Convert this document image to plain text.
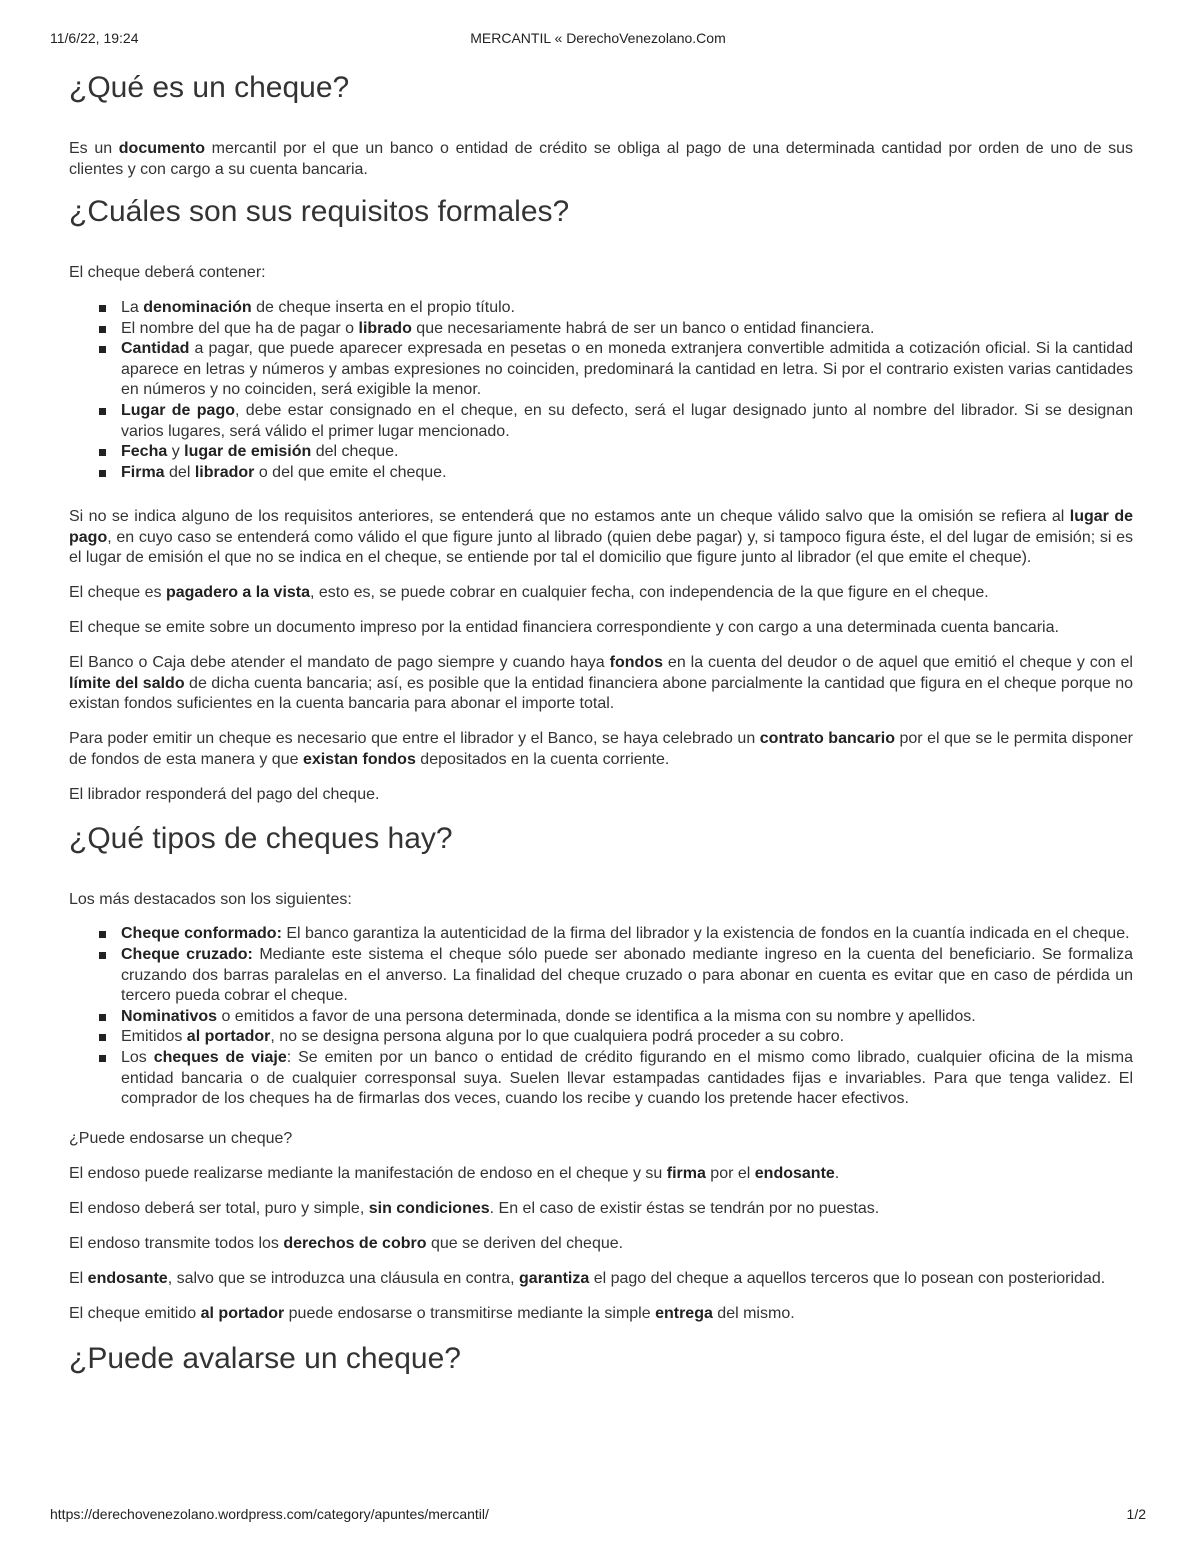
11/6/22, 19:24	MERCANTIL « DerechoVenezolano.Com
¿Qué es un cheque?

Es un documento mercantil por el que un banco o entidad de crédito se obliga al pago de una determinada cantidad por orden de uno de sus clientes y con cargo a su cuenta bancaria.

¿Cuáles son sus requisitos formales?

El cheque deberá contener:

La denominación de cheque inserta en el propio título.
El nombre del que ha de pagar o librado que necesariamente habrá de ser un banco o entidad financiera.
Cantidad a pagar, que puede aparecer expresada en pesetas o en moneda extranjera convertible admitida a cotización oficial. Si la cantidad aparece en letras y números y ambas expresiones no coinciden, predominará la cantidad en letra. Si por el contrario existen varias cantidades en números y no coinciden, será exigible la menor.
Lugar de pago, debe estar consignado en el cheque, en su defecto, será el lugar designado junto al nombre del librador. Si se designan varios lugares, será válido el primer lugar mencionado.
Fecha y lugar de emisión del cheque.
Firma del librador o del que emite el cheque.

Si no se indica alguno de los requisitos anteriores, se entenderá que no estamos ante un cheque válido salvo que la omisión se refiera al lugar de pago, en cuyo caso se entenderá como válido el que figure junto al librado (quien debe pagar) y, si tampoco figura éste, el del lugar de emisión; si es el lugar de emisión el que no se indica en el cheque, se entiende por tal el domicilio que figure junto al librador (el que emite el cheque).

El cheque es pagadero a la vista, esto es, se puede cobrar en cualquier fecha, con independencia de la que figure en el cheque.

El cheque se emite sobre un documento impreso por la entidad financiera correspondiente y con cargo a una determinada cuenta bancaria.

El Banco o Caja debe atender el mandato de pago siempre y cuando haya fondos en la cuenta del deudor o de aquel que emitió el cheque y con el límite del saldo de dicha cuenta bancaria; así, es posible que la entidad financiera abone parcialmente la cantidad que figura en el cheque porque no existan fondos suficientes en la cuenta bancaria para abonar el importe total.

Para poder emitir un cheque es necesario que entre el librador y el Banco, se haya celebrado un contrato bancario por el que se le permita disponer de fondos de esta manera y que existan fondos depositados en la cuenta corriente.

El librador responderá del pago del cheque.

¿Qué tipos de cheques hay?

Los más destacados son los siguientes:

Cheque conformado: El banco garantiza la autenticidad de la firma del librador y la existencia de fondos en la cuantía indicada en el cheque.
Cheque cruzado: Mediante este sistema el cheque sólo puede ser abonado mediante ingreso en la cuenta del beneficiario. Se formaliza cruzando dos barras paralelas en el anverso. La finalidad del cheque cruzado o para abonar en cuenta es evitar que en caso de pérdida un tercero pueda cobrar el cheque.
Nominativos o emitidos a favor de una persona determinada, donde se identifica a la misma con su nombre y apellidos.
Emitidos al portador, no se designa persona alguna por lo que cualquiera podrá proceder a su cobro.
Los cheques de viaje: Se emiten por un banco o entidad de crédito figurando en el mismo como librado, cualquier oficina de la misma entidad bancaria o de cualquier corresponsal suya. Suelen llevar estampadas cantidades fijas e invariables. Para que tenga validez. El comprador de los cheques ha de firmarlas dos veces, cuando los recibe y cuando los pretende hacer efectivos.

¿Puede endosarse un cheque?

El endoso puede realizarse mediante la manifestación de endoso en el cheque y su firma por el endosante.

El endoso deberá ser total, puro y simple, sin condiciones. En el caso de existir éstas se tendrán por no puestas.

El endoso transmite todos los derechos de cobro que se deriven del cheque.

El endosante, salvo que se introduzca una cláusula en contra, garantiza el pago del cheque a aquellos terceros que lo posean con posterioridad.

El cheque emitido al portador puede endosarse o transmitirse mediante la simple entrega del mismo.

¿Puede avalarse un cheque?
https://derechovenezolano.wordpress.com/category/apuntes/mercantil/	1/2
